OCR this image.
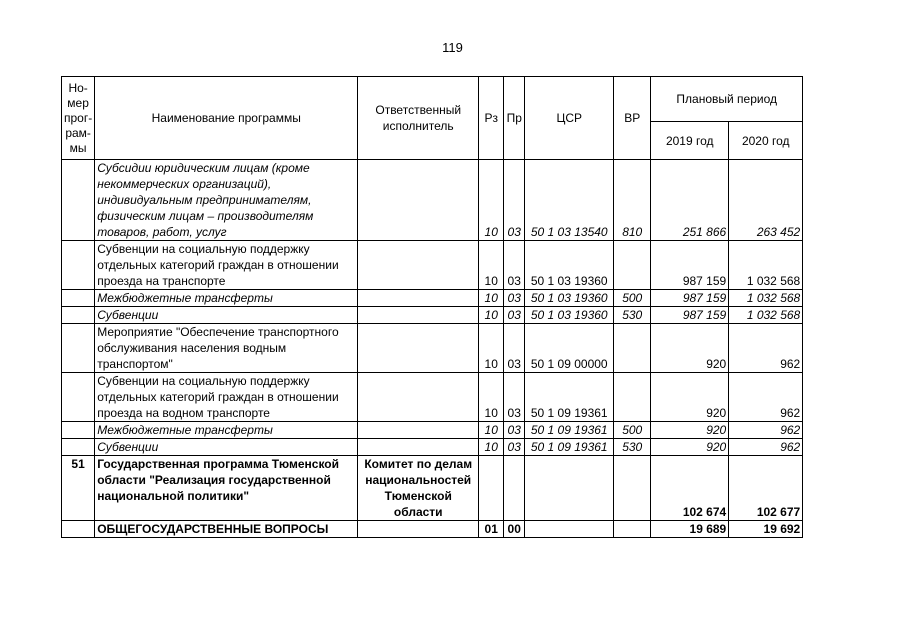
119
Но-мер прог-рам-мы	Наименование программы	Ответственный исполнитель	Рз	Пр	ЦСР	ВР	Плановый период	
							2019 год	2020 год
	Субсидии юридическим лицам (кроме некоммерческих организаций), индивидуальным предпринимателям, физическим лицам – производителям товаров, работ, услуг		10	03	50 1 03 13540	810	251 866	263 452
	Субвенции на социальную поддержку отдельных категорий граждан в отношении проезда на транспорте		10	03	50 1 03 19360		987 159	1 032 568
	Межбюджетные трансферты		10	03	50 1 03 19360	500	987 159	1 032 568
	Субвенции		10	03	50 1 03 19360	530	987 159	1 032 568
	Мероприятие "Обеспечение транспортного обслуживания населения водным транспортом"		10	03	50 1 09 00000		920	962
	Субвенции на социальную поддержку отдельных категорий граждан в отношении проезда на водном транспорте		10	03	50 1 09 19361		920	962
	Межбюджетные трансферты		10	03	50 1 09 19361	500	920	962
	Субвенции		10	03	50 1 09 19361	530	920	962
51	Государственная программа Тюменской области "Реализация государственной национальной политики"	Комитет по делам национальностей Тюменской области					102 674	102 677
	ОБЩЕГОСУДАРСТВЕННЫЕ ВОПРОСЫ		01	00			19 689	19 692
